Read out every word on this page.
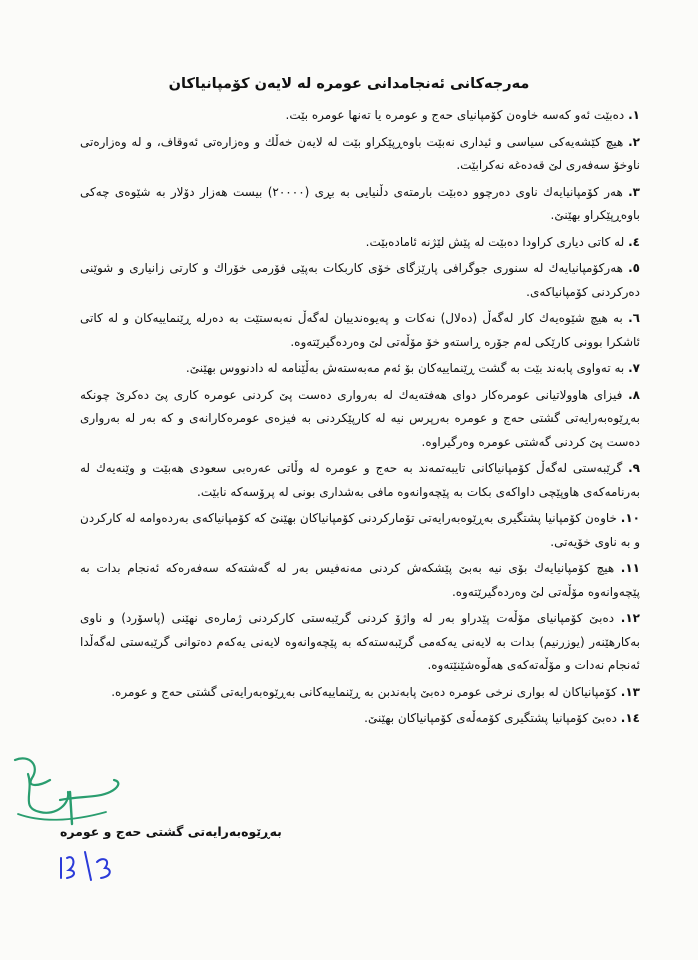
مەرجەکانی ئەنجامدانی عومرە لە لایەن کۆمپانیاکان
١. دەبێت ئەو کەسە خاوەن کۆمپانیای حەج و عومرە یا تەنها عومرە بێت.
٢. هیچ کێشەیەکی سیاسی و ئیداری نەبێت باوەڕپێکراو بێت لە لایەن خەڵك و وەزارەتی ئەوقاف، و لە وەزارەتی ناوخۆ سەفەری لێ قەدەغە نەکرابێت.
٣. هەر کۆمپانیایەك ناوی دەرچوو دەبێت بارمتەی دڵنیایی بە بڕی (٢٠٠٠٠) بیست هەزار دۆلار بە شێوەی چەکی باوەڕپێکراو بهێنێ.
٤. لە کاتی دیاری کراودا دەبێت لە پێش لێژنە ئامادەبێت.
٥. هەرکۆمپانیایەك لە سنوری جوگرافی پارێزگای خۆی کاربکات بەپێی فۆرمی خۆراك و کارتی زانیاری و شوێنی دەرکردنی کۆمپانیاکەی.
٦. بە هیچ شێوەیەك کار لەگەڵ (دەلال) نەکات و پەیوەندییان لەگەڵ نەبەستێت بە دەرلە ڕێنماییەکان و لە کاتی ئاشکرا بوونی کارێکی لەم جۆرە ڕاستەو خۆ مۆڵەتی لێ وەردەگیرێتەوە.
٧. بە تەواوی پابەند بێت بە گشت ڕێنماییەکان بۆ ئەم مەبەستەش بەڵێنامە لە دادنووس بهێنێ.
٨. فیزای هاوولاتیانی عومرەکار دوای هەفتەیەك لە بەرواری دەست پێ کردنی عومرە کاری پێ دەکرێ چونکە بەڕێوەبەرایەتی گشتی حەج و عومرە بەرپرس نیە لە کارپێکردنی بە فیزەی عومرەکارانەی و کە بەر لە بەرواری دەست پێ کردنی گەشتی عومرە وەرگیراوە.
٩. گرێبەستی لەگەڵ کۆمپانیاکانی تایبەتمەند بە حەج و عومرە لە وڵاتی عەرەبی سعودی هەبێت و وێنەیەك لە بەرنامەکەی هاوپێچی داواکەی بکات بە پێچەوانەوە مافی بەشداری بونی لە پرۆسەکە نابێت.
١٠. خاوەن کۆمپانیا پشتگیری بەڕێوەبەرایەتی تۆمارکردنی کۆمپانیاکان بهێنێ کە کۆمپانیاکەی بەردەوامە لە کارکردن و بە ناوی خۆیەتی.
١١. هیچ کۆمپانیایەك بۆی نیە بەبێ پێشکەش کردنی مەنەفیس بەر لە گەشتەکە سەفەرەکە ئەنجام بدات بە پێچەوانەوە مۆڵەتی لێ وەردەگیرێتەوە.
١٢. دەبێ کۆمپانیای مۆڵەت پێدراو بەر لە واژۆ کردنی گرێبەستی کارکردنی ژمارەی نهێنی (پاسۆرد) و ناوی بەکارهێنەر (یوزرنیم) بدات بە لایەنی یەکەمی گرێبەستەکە بە پێچەوانەوە لایەنی یەکەم دەتوانی گرێبەستی لەگەڵدا ئەنجام نەدات و مۆڵەتەکەی هەڵوەشێنێتەوە.
١٣. کۆمپانیاکان لە بواری نرخی عومرە دەبێ پابەندبن بە ڕێنماییەکانی بەڕێوەبەرایەتی گشتی حەج و عومرە.
١٤. دەبێ کۆمپانیا پشتگیری کۆمەڵەی کۆمپانیاکان بهێنێ.
بەڕێوەبەرایەتی گشتی حەج و عومرە
